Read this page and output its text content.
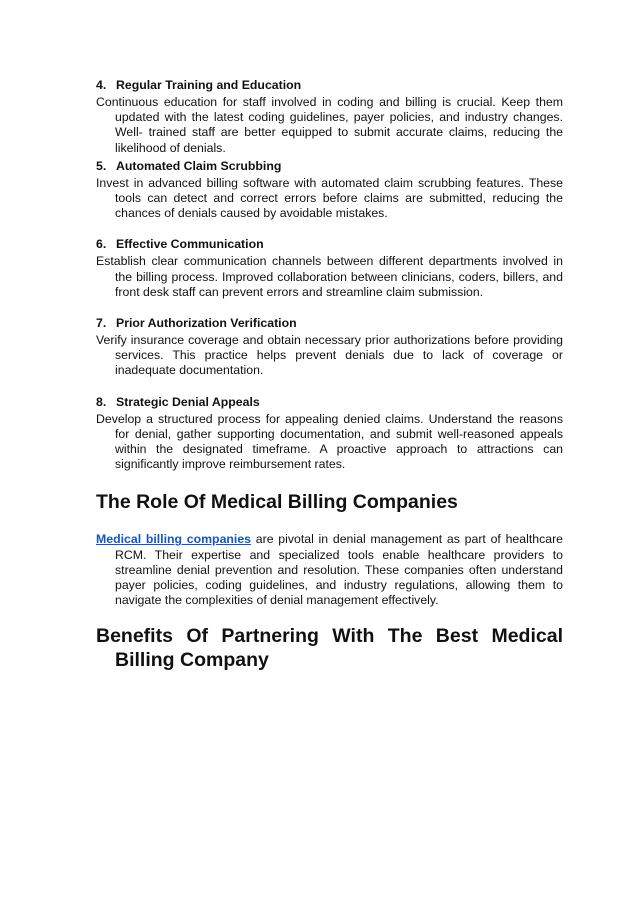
4. Regular Training and Education

Continuous education for staff involved in coding and billing is crucial. Keep them updated with the latest coding guidelines, payer policies, and industry changes. Well- trained staff are better equipped to submit accurate claims, reducing the likelihood of denials.

5. Automated Claim Scrubbing

Invest in advanced billing software with automated claim scrubbing features. These tools can detect and correct errors before claims are submitted, reducing the chances of denials caused by avoidable mistakes.

6. Effective Communication

Establish clear communication channels between different departments involved in the billing process. Improved collaboration between clinicians, coders, billers, and front desk staff can prevent errors and streamline claim submission.

7. Prior Authorization Verification

Verify insurance coverage and obtain necessary prior authorizations before providing services. This practice helps prevent denials due to lack of coverage or inadequate documentation.

8. Strategic Denial Appeals

Develop a structured process for appealing denied claims. Understand the reasons for denial, gather supporting documentation, and submit well-reasoned appeals within the designated timeframe. A proactive approach to attractions can significantly improve reimbursement rates.

The Role Of Medical Billing Companies

Medical billing companies are pivotal in denial management as part of healthcare RCM. Their expertise and specialized tools enable healthcare providers to streamline denial prevention and resolution. These companies often understand payer policies, coding guidelines, and industry regulations, allowing them to navigate the complexities of denial management effectively.

Benefits Of Partnering With The Best Medical
Billing Company
